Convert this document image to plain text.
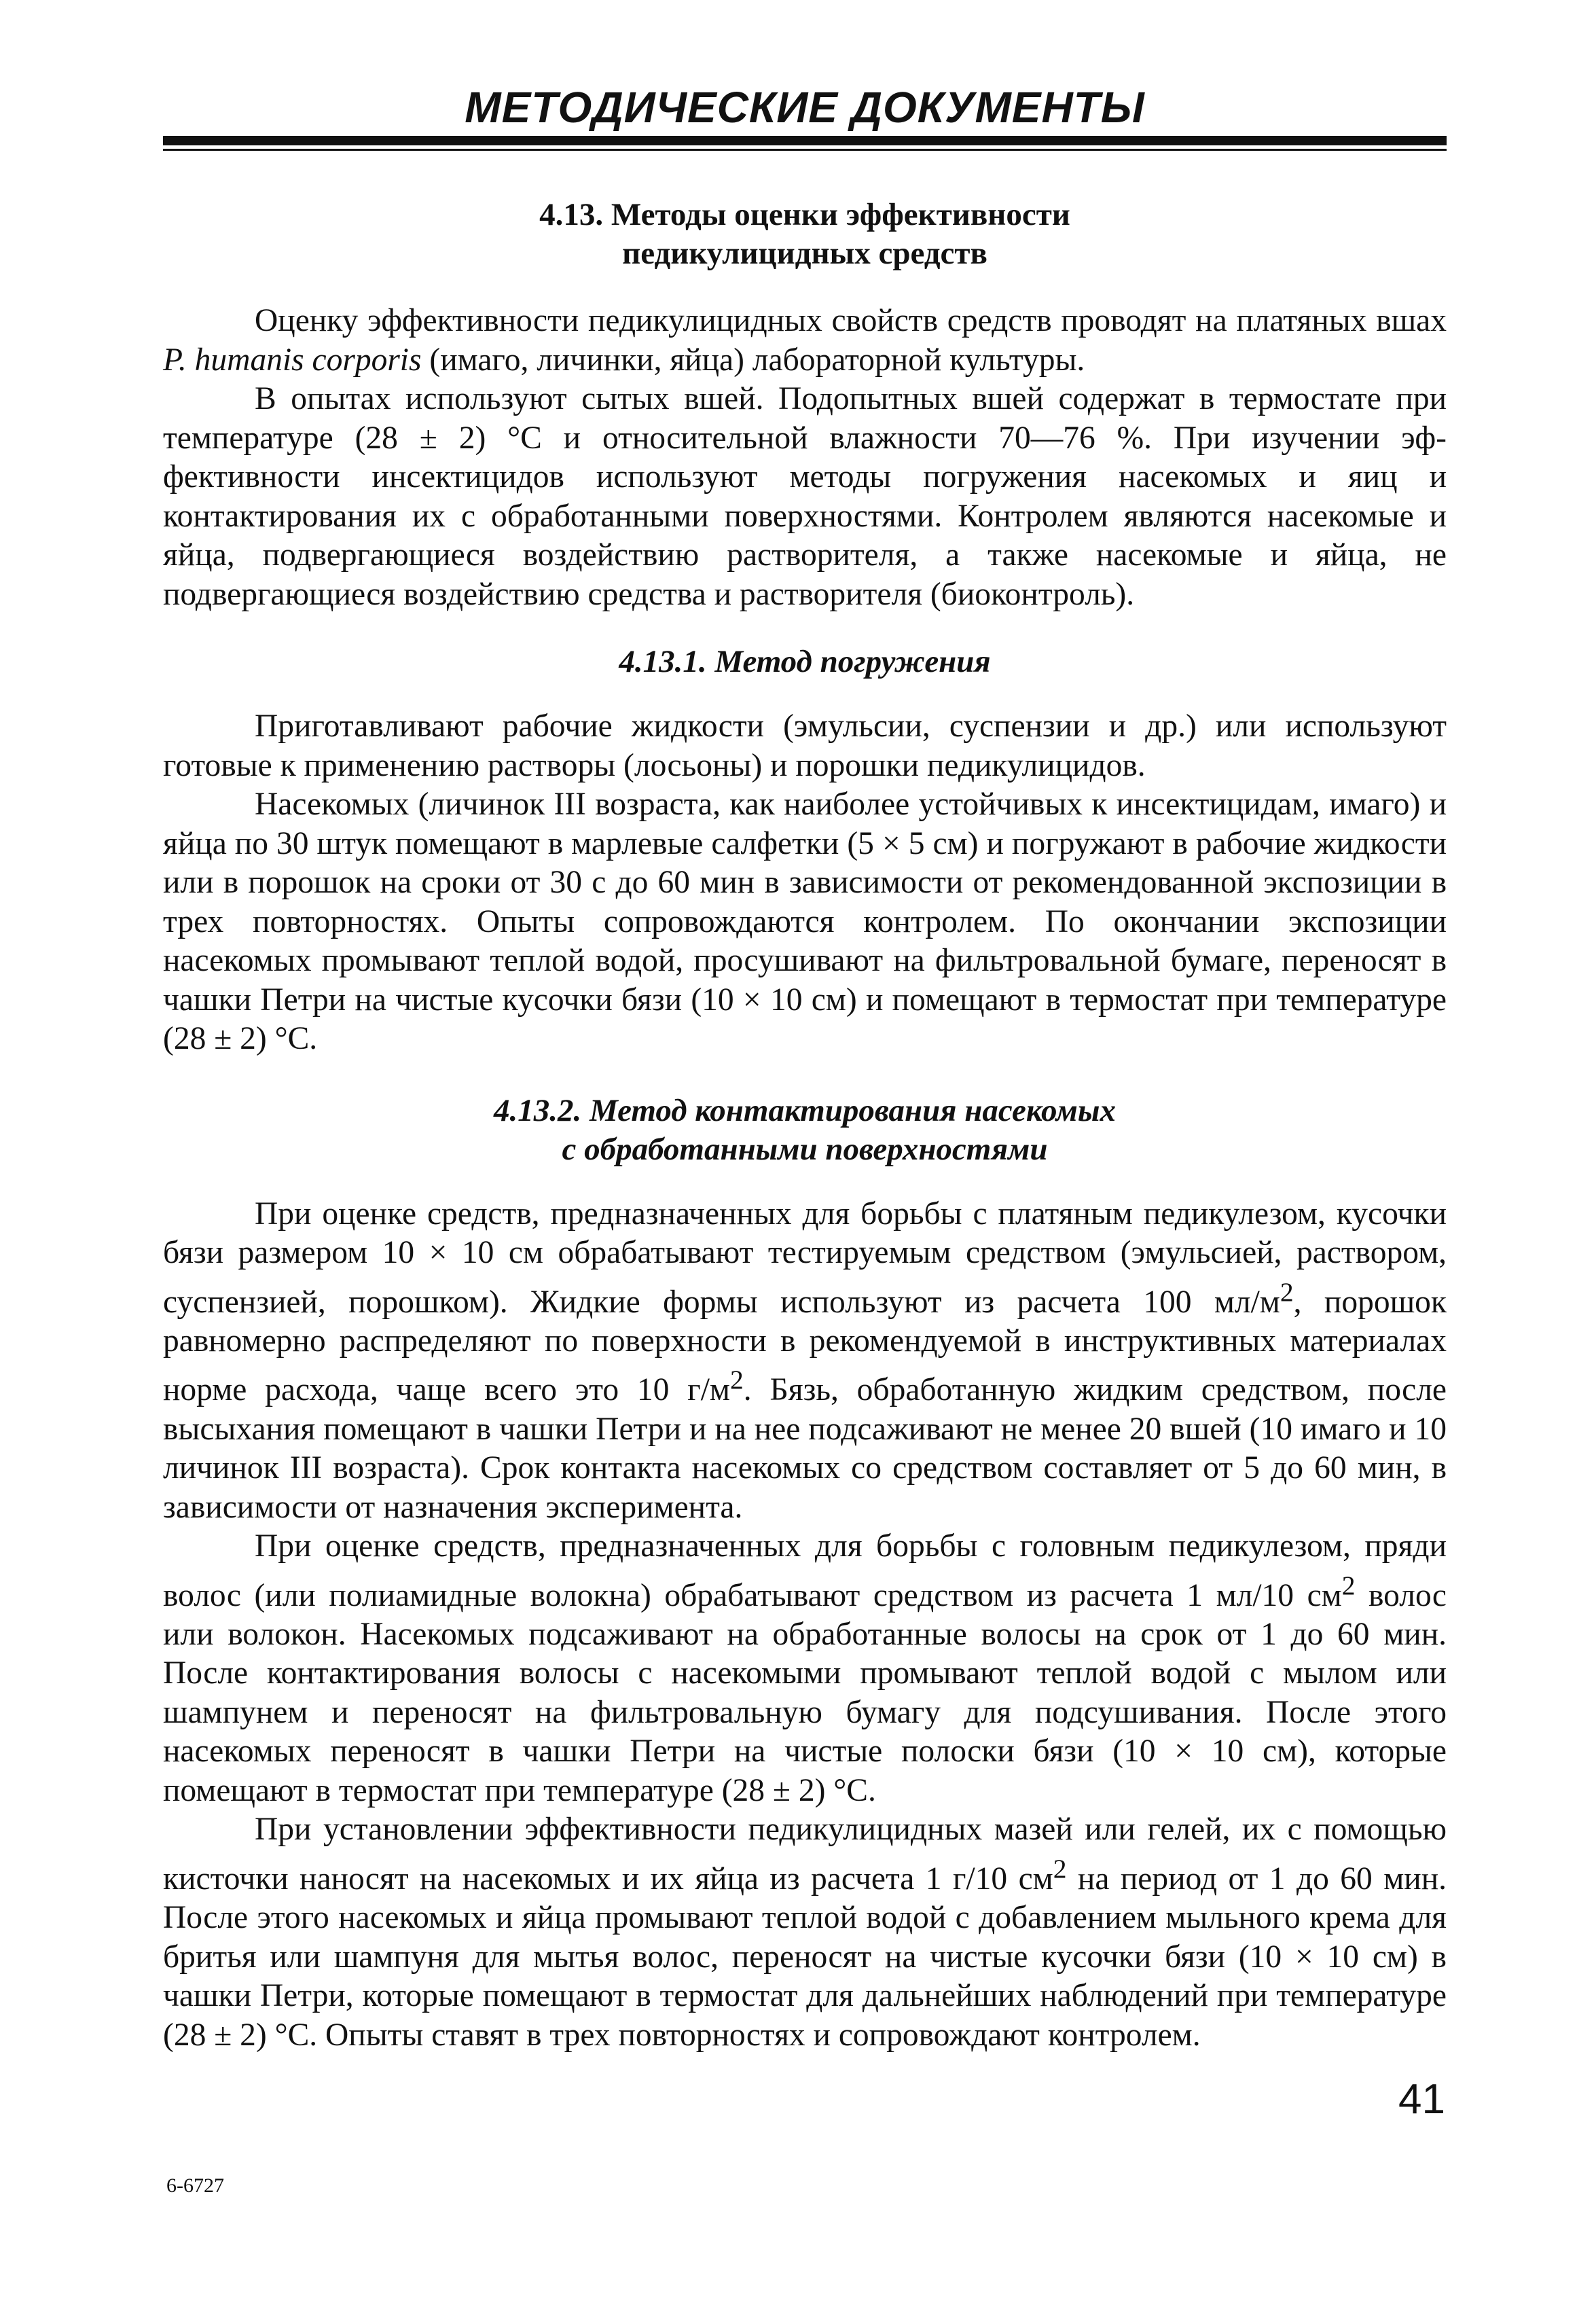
МЕТОДИЧЕСКИЕ ДОКУМЕНТЫ
4.13. Методы оценки эффективности
педикулицидных средств

Оценку эффективности педикулицидных свойств средств проводят на платяных вшах P. humanis corporis (имаго, личинки, яйца) лабораторной культуры.

В опытах используют сытых вшей. Подопытных вшей содержат в термостате при температуре (28 ± 2) °С и относительной влажности 70—76 %. При изучении эффективности инсектицидов используют методы погружения насекомых и яиц и контактирования их с обработанными поверхностями. Контролем являются насекомые и яйца, подвергающиеся воздействию растворителя, а также насекомые и яйца, не подвергающиеся воздействию средства и растворителя (биоконтроль).

4.13.1. Метод погружения

Приготавливают рабочие жидкости (эмульсии, суспензии и др.) или используют готовые к применению растворы (лосьоны) и порошки педикулицидов.

Насекомых (личинок III возраста, как наиболее устойчивых к инсектицидам, имаго) и яйца по 30 штук помещают в марлевые салфетки (5 × 5 см) и погружают в рабочие жидкости или в порошок на сроки от 30 с до 60 мин в зависимости от рекомендованной экспозиции в трех повторностях. Опыты сопровождаются контролем. По окончании экспозиции насекомых промывают теплой водой, просушивают на фильтровальной бумаге, переносят в чашки Петри на чистые кусочки бязи (10 × 10 см) и помещают в термостат при температуре (28 ± 2) °С.

4.13.2. Метод контактирования насекомых
с обработанными поверхностями

При оценке средств, предназначенных для борьбы с платяным педикулезом, кусочки бязи размером 10 × 10 см обрабатывают тестируемым средством (эмульсией, раствором, суспензией, порошком). Жидкие формы используют из расчета 100 $мл/м^2$, порошок равномерно распределяют по поверхности в рекомендуемой в инструктивных материалах норме расхода, чаще всего это 10 $г/м^2$. Бязь, обработанную жидким средством, после высыхания помещают в чашки Петри и на нее подсаживают не менее 20 вшей (10 имаго и 10 личинок III возраста). Срок контакта насекомых со средством составляет от 5 до 60 мин, в зависимости от назначения эксперимента.

При оценке средств, предназначенных для борьбы с головным педикулезом, пряди волос (или полиамидные волокна) обрабатывают средством из расчета 1 мл/10 $см^2$ волос или волокон. Насекомых подсаживают на обработанные волосы на срок от 1 до 60 мин. После контактирования волосы с насекомыми промывают теплой водой с мылом или шампунем и переносят на фильтровальную бумагу для подсушивания. После этого насекомых переносят в чашки Петри на чистые полоски бязи (10 × 10 см), которые помещают в термостат при температуре (28 ± 2) °С.

При установлении эффективности педикулицидных мазей или гелей, их с помощью кисточки наносят на насекомых и их яйца из расчета 1 г/10 $см^2$ на период от 1 до 60 мин. После этого насекомых и яйца промывают теплой водой с добавлением мыльного крема для бритья или шампуня для мытья волос, переносят на чистые кусочки бязи (10 × 10 см) в чашки Петри, которые помещают в термостат для дальнейших наблюдений при температуре (28 ± 2) °С. Опыты ставят в трех повторностях и сопровождают контролем.

41
6-6727
